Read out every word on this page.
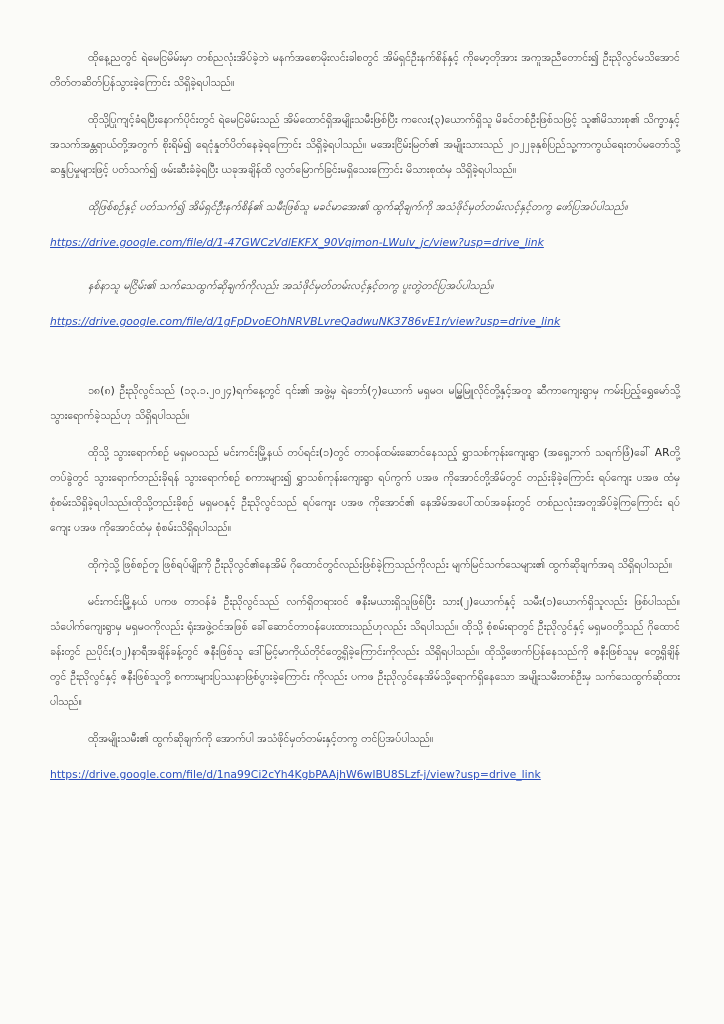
ထိုနေ့ညတွင် ရဲမေငြမိမ်းမှာ တစ်ညလုံးအိပ်ခဲ့ဘဲ မနက်အစောမိုးလင်းခါစတွင် အိမ်ရှင်ဦးနက်စိန်နှင့် ကိုမော့တိုအား အကူအညီတောင်း၍ ဦးညိုလွင်မသိအောင် တိတ်တဆိတ်ပြန်သွားခဲ့ကြောင်း သိရှိခဲ့ရပါသည်။

ထိုသို့ပြုကျင့်ခံရပြီးနောက်ပိုင်းတွင် ရဲမေငြမိမ်းသည် အိမ်ထောင်ရှိအမျိုးသမီးဖြစ်ပြီး ကလေး(၃)ယောက်ရှိသူ မိခင်တစ်ဦးဖြစ်သဖြင့် သူ၏မိသားစု၏ သိက္ခာနှင့် အသက်အန္တရာယ်တို့အတွက် စိုးရိမ်၍ ရေငုံနှုတ်ပိတ်နေခဲ့ရကြောင်း သိရှိခဲ့ရပါသည်။ မအေးငြိမ်းမြတ်၏ အမျိုးသားသည် ၂၀၂၂ခုနှစ်ပြည်သူ့ကာကွယ်ရေးတပ်မတော်သို့ ဆန္ဒပြမှုများဖြင့် ပတ်သက်၍ ဖမ်းဆီးခံခဲ့ရပြီး ယခုအချိန်ထိ လွတ်မြောက်ခြင်းမရှိသေးကြောင်း မိသားစုထံမှ သိရှိခဲ့ရပါသည်။

ထိုဖြစ်စဉ်နှင့် ပတ်သက်၍ အိမ်ရှင်ဦးနက်စိန်၏ သမီးဖြစ်သူ မခင်မာအေး၏ ထွက်ဆိုချက်ကို အသံဖိုင်မှတ်တမ်းလင့်နှင့်တကွ ဖော်ပြအပ်ပါသည်။

https://drive.google.com/file/d/1-47GWCzVdlEKFX_90Vqimon-LWulv_jc/view?usp=drive_link

နစ်နာသူ မငြိမ်း၏ သက်သေထွက်ဆိုချက်ကိုလည်း အသံဖိုင်မှတ်တမ်းလင့်နှင့်တကွ ပူးတွဲတင်ပြအပ်ပါသည်။

https://drive.google.com/file/d/1gFpDvoEOhNRVBLvreQadwuNK3786vE1r/view?usp=drive_link

၁၈(၈) ဦးညိုလွင်သည် (၁၃.၁.၂၀၂၄)ရက်နေ့တွင် ၎င်း၏ အဖွဲ့မှ ရဲဘော်(၇)ယောက် မရှမဝ၊ မမြွှမြူလိုင်တို့နှင့်အတူ ဆီကာကျေးရွာမှ ကမ်းပြည့်ရွှေမော်သို့ သွားရောက်ခဲ့သည်ဟု သိရှိရပါသည်။

ထိုသို့ သွားရောက်စဉ် မရှမဝသည် မင်းကင်းမြို့နယ် တပ်ရင်း(၁)တွင် တာဝန်ထမ်းဆောင်နေသည့် ရွှာသစ်ကုန်းကျေးရွာ (အရှေ့ဘက် သရက်ဖြံ)ခေါ် ARတို့ တပ်ခွဲတွင် သွားရောက်တည်းခိုရန် သွားရောက်စဉ် စကားများ၍ ရွှာသစ်ကုန်းကျေးရွာ ရပ်ကွက် ပအဖ ကိုအောင်တို့အိမ်တွင် တည်းခိုခဲ့ကြောင်း ရပ်ကျေး ပအဖ ထံမှ စုံစမ်းသိရှိခဲ့ရပါသည်။ထိုသို့တည်းခိုစဉ် မရှမဝနှင့် ဦးညိုလွင်သည် ရပ်ကျေး ပအဖ ကိုအောင်၏ နေအိမ်အပေါ်ထပ်အခန်းတွင် တစ်ညလုံးအတူအိပ်ခဲ့ကြကြောင်း ရပ်ကျေး ပအဖ ကိုအောင်ထံမှ စုံစမ်းသိရှိရပါသည်။

ထိုကဲ့သို့ ဖြစ်စဉ်တူ ဖြစ်ရပ်မျိုးကို ဦးညိုလွင်၏နေအိမ် ဂိုထောင်တွင်လည်းဖြစ်ခဲ့ကြသည်ကိုလည်း မျက်မြင်သက်သေများ၏ ထွက်ဆိုချက်အရ သိရှိရပါသည်။

မင်းကင်းမြို့နယ် ပကဖ တာဝန်ခံ ဦးညိုလွင်သည် လက်ရှိတရားဝင် ဇနီးမယားရှိသူဖြစ်ပြီး သား(၂)ယောက်နှင့် သမီး(၁)ယောက်ရှိသူလည်း ဖြစ်ပါသည်။ သံပေါက်ကျေးရွာမှ မရှမဝကိုလည်း ရုံးအဖွဲ့ဝင်အဖြစ် ခေါ်ဆောင်တာဝန်ပေးထားသည်ဟုလည်း သိရပါသည်။ ထိုသို့ စုံစမ်းရာတွင် ဦးညိုလွင်နှင့် မရှမဝတို့သည် ဂိုထောင်ခန်းတွင် ညပိုင်း(၁၂)နာရီအချိန်ခန့်တွင် ဇနီးဖြစ်သူ ဒေါ်မြင့်မာကိုယ်တိုင်တွေ့ရှိခဲ့ကြောင်းကိုလည်း သိရှိရပါသည်။ ထိုသို့ဖောက်ပြန်နေသည်ကို ဇနီးဖြစ်သူမှ တွေ့ရှိချိန်တွင် ဦးညိုလွင်နှင့် ဇနီးဖြစ်သူတို့ စကားများပြဿနာဖြစ်ပွားခဲ့ကြောင်း ကိုလည်း ပကဖ ဦးညိုလွင်နေအိမ်သို့ရောက်ရှိနေသော အမျိုးသမီးတစ်ဦးမှ သက်သေထွက်ဆိုထားပါသည်။

ထိုအမျိုးသမီး၏ ထွက်ဆိုချက်ကို အောက်ပါ အသံဖိုင်မှတ်တမ်းနှင့်တကွ တင်ပြအပ်ပါသည်။

https://drive.google.com/file/d/1na99Ci2cYh4KgbPAAjhW6wIBU8SLzf-j/view?usp=drive_link
